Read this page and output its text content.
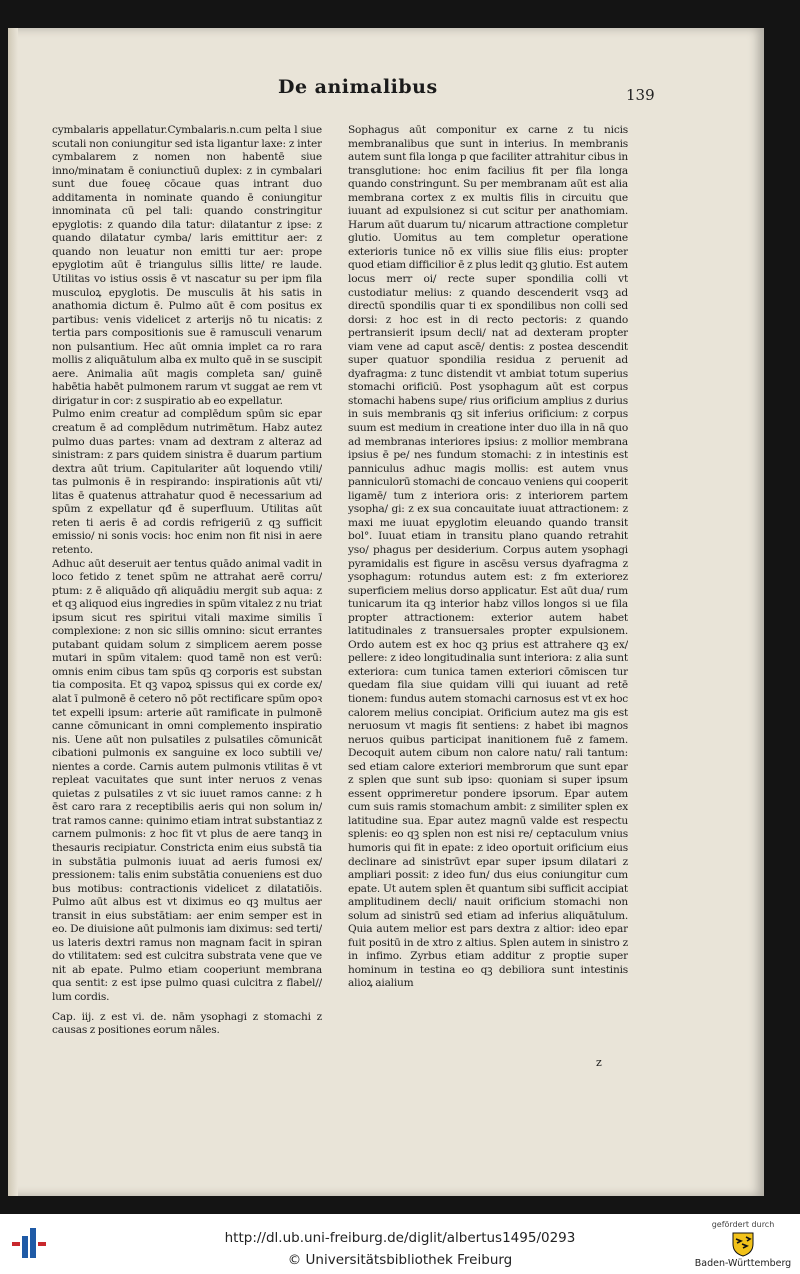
De animalibus	139

cymbalaris appellatur.Cymbalaris.n.cum pelta l siue scutali non coniungitur sed ista ligantur laxe: z inter cymbalarem z nomen non habentē siue inno/minatam ē coniunctiuū duplex: z in cymbalari sunt due foueę cōcaue quas intrant duo additamenta in nominate quando ē coniungitur innominata cū pel tali: quando constringitur epyglotis: z quando dila tatur: dilatantur z ipse: z quando dilatatur cymba/ laris emittitur aer: z quando non leuatur non emitti tur aer: prope epyglotim aūt ē triangulus sillis litte/ re laude. Utilitas vo istius ossis ē vt nascatur su per ipm fila musculoꝝ epyglotis. De musculis āt his satis in anathomia dictum ē. Pulmo aūt ē com positus ex partibus: venis videlicet z arterijs nō tu nicatis: z tertia pars compositionis sue ē ramusculi venarum non pulsantium. Hec aūt omnia implet ca ro rara mollis z aliquātulum alba ex multo quē in se suscipit aere. Animalia aūt magis completa san/ guinē habētia habēt pulmonem rarum vt suggat ae rem vt dirigatur in cor: z suspiratio ab eo expellatur.

Pulmo enim creatur ad complēdum spūm sic epar creatum ē ad complēdum nutrimētum. Habz autez pulmo duas partes: vnam ad dextram z alteraz ad sinistram: z pars quidem sinistra ē duarum partium dextra aūt trium. Capitulariter aūt loquendo vtili/ tas pulmonis ē in respirando: inspirationis aūt vti/ litas ē quatenus attrahatur quod ē necessarium ad spūm z expellatur qđ ē superfluum. Utilitas aūt reten ti aeris ē ad cordis refrigeriū z qꝫ sufficit emissio/ ni sonis vocis: hoc enim non fit nisi in aere retento.

Adhuc aūt deseruit aer tentus quādo animal vadit in loco fetido z tenet spūm ne attrahat aerē corru/ ptum: z ē aliquādo qñ aliquādiu mergit sub aqua: z et qꝫ aliquod eius ingredies in spūm vitalez z nu triat ipsum sicut res spiritui vitali maxime similis ī complexione: z non sic sillis omnino: sicut errantes putabant quidam solum z simplicem aerem posse mutari in spūm vitalem: quod tamē non est verū: omnis enim cibus tam spūs qꝫ corporis est substan tia composita. Et qꝫ vapoꝝ spissus qui ex corde ex/ alat ī pulmonē ē cetero nō pōt rectificare spūm opoꝛ tet expelli ipsum: arterie aūt ramificate in pulmonē canne cōmunicant in omni complemento inspiratio nis. Uene aūt non pulsatiles z pulsatiles cōmunicāt cibationi pulmonis ex sanguine ex loco subtili ve/ nientes a corde. Carnis autem pulmonis vtilitas ē vt repleat vacuitates que sunt inter neruos z venas quietas z pulsatiles z vt sic iuuet ramos canne: z h ēst caro rara z receptibilis aeris qui non solum in/ trat ramos canne: quinimo etiam intrat substantiaz z carnem pulmonis: z hoc fit vt plus de aere tanqꝫ in thesauris recipiatur. Constricta enim eius substā tia in substātia pulmonis iuuat ad aeris fumosi ex/ pressionem: talis enim substātia conueniens est duo bus motibus: contractionis videlicet z dilatatiōis. Pulmo aūt albus est vt diximus eo qꝫ multus aer transit in eius substātiam: aer enim semper est in eo. De diuisione aūt pulmonis iam diximus: sed terti/ us lateris dextri ramus non magnam facit in spiran do vtilitatem: sed est culcitra substrata vene que ve nit ab epate. Pulmo etiam cooperiunt membrana qua sentit: z est ipse pulmo quasi culcitra z flabel// lum cordis.

Cap. iij. z est vi. de. nām ysophagi z stomachi z causas z positiones eorum nāles.

Sophagus aūt componitur ex carne z tu nicis membranalibus que sunt in interius. In membranis autem sunt fila longa p que faciliter attrahitur cibus in transglutione: hoc enim facilius fit per fila longa quando constringunt. Su per membranam aūt est alia membrana cortex z ex multis filis in circuitu que iuuant ad expulsionez si cut scitur per anathomiam. Harum aūt duarum tu/ nicarum attractione completur glutio. Uomitus au tem completur operatione exterioris tunice nō ex villis siue filis eius: propter quod etiam difficilior ē z plus ledit qꝫ glutio. Est autem locus merr oi/ recte super spondilia colli vt custodiatur melius: z quando descenderit vsqꝫ ad directū spondilis quar ti ex spondilibus non colli sed dorsi: z hoc est in di recto pectoris: z quando pertransierit ipsum decli/ nat ad dexteram propter viam vene ad caput ascē/ dentis: z postea descendit super quatuor spondilia residua z peruenit ad dyafragma: z tunc distendit vt ambiat totum superius stomachi orificiū. Post ysophagum aūt est corpus stomachi habens supe/ rius orificium amplius z durius in suis membranis qꝫ sit inferius orificium: z corpus suum est medium in creatione inter duo illa in nā quo ad membranas interiores ipsius: z mollior membrana ipsius ē pe/ nes fundum stomachi: z in intestinis est panniculus adhuc magis mollis: est autem vnus panniculorū stomachi de concauo veniens qui cooperit ligamē/ tum z interiora oris: z interiorem partem ysopha/ gi: z ex sua concauitate iuuat attractionem: z maxi me iuuat epyglotim eleuando quando transit bol°. Iuuat etiam in transitu plano quando retrahit yso/ phagus per desiderium. Corpus autem ysophagi pyramidalis est figure in ascēsu versus dyafragma z ysophagum: rotundus autem est: z fm exteriorez superficiem melius dorso applicatur. Est aūt dua/ rum tunicarum ita qꝫ interior habz villos longos si ue fila propter attractionem: exterior autem habet latitudinales z transuersales propter expulsionem. Ordo autem est ex hoc qꝫ prius est attrahere qꝫ ex/ pellere: z ideo longitudinalia sunt interiora: z alia sunt exteriora: cum tunica tamen exteriori cōmiscen tur quedam fila siue quidam villi qui iuuant ad retē tionem: fundus autem stomachi carnosus est vt ex hoc calorem melius concipiat. Orificium autez ma gis est neruosum vt magis fit sentiens: z habet ibi magnos neruos quibus participat inanitionem fuē z famem. Decoquit autem cibum non calore natu/ rali tantum: sed etiam calore exteriori membrorum que sunt epar z splen que sunt sub ipso: quoniam si super ipsum essent opprimeretur pondere ipsorum. Epar autem cum suis ramis stomachum ambit: z similiter splen ex latitudine sua. Epar autez magnū valde est respectu splenis: eo qꝫ splen non est nisi re/ ceptaculum vnius humoris qui fit in epate: z ideo oportuit orificium eius declinare ad sinistrūvt epar super ipsum dilatari z ampliari possit: z ideo fun/ dus eius coniungitur cum epate. Ut autem splen ēt quantum sibi sufficit accipiat amplitudinem decli/ nauit orificium stomachi non solum ad sinistrū sed etiam ad inferius aliquātulum. Quia autem melior est pars dextra z altior: ideo epar fuit positū in de xtro z altius. Splen autem in sinistro z in infimo. Zyrbus etiam additur z proptie super hominum in testina eo qꝫ debiliora sunt intestinis alioꝝ aialium

z
http://dl.ub.uni-freiburg.de/diglit/albertus1495/0293
© Universitätsbibliothek Freiburg
gefördert durch
Baden-Württemberg
